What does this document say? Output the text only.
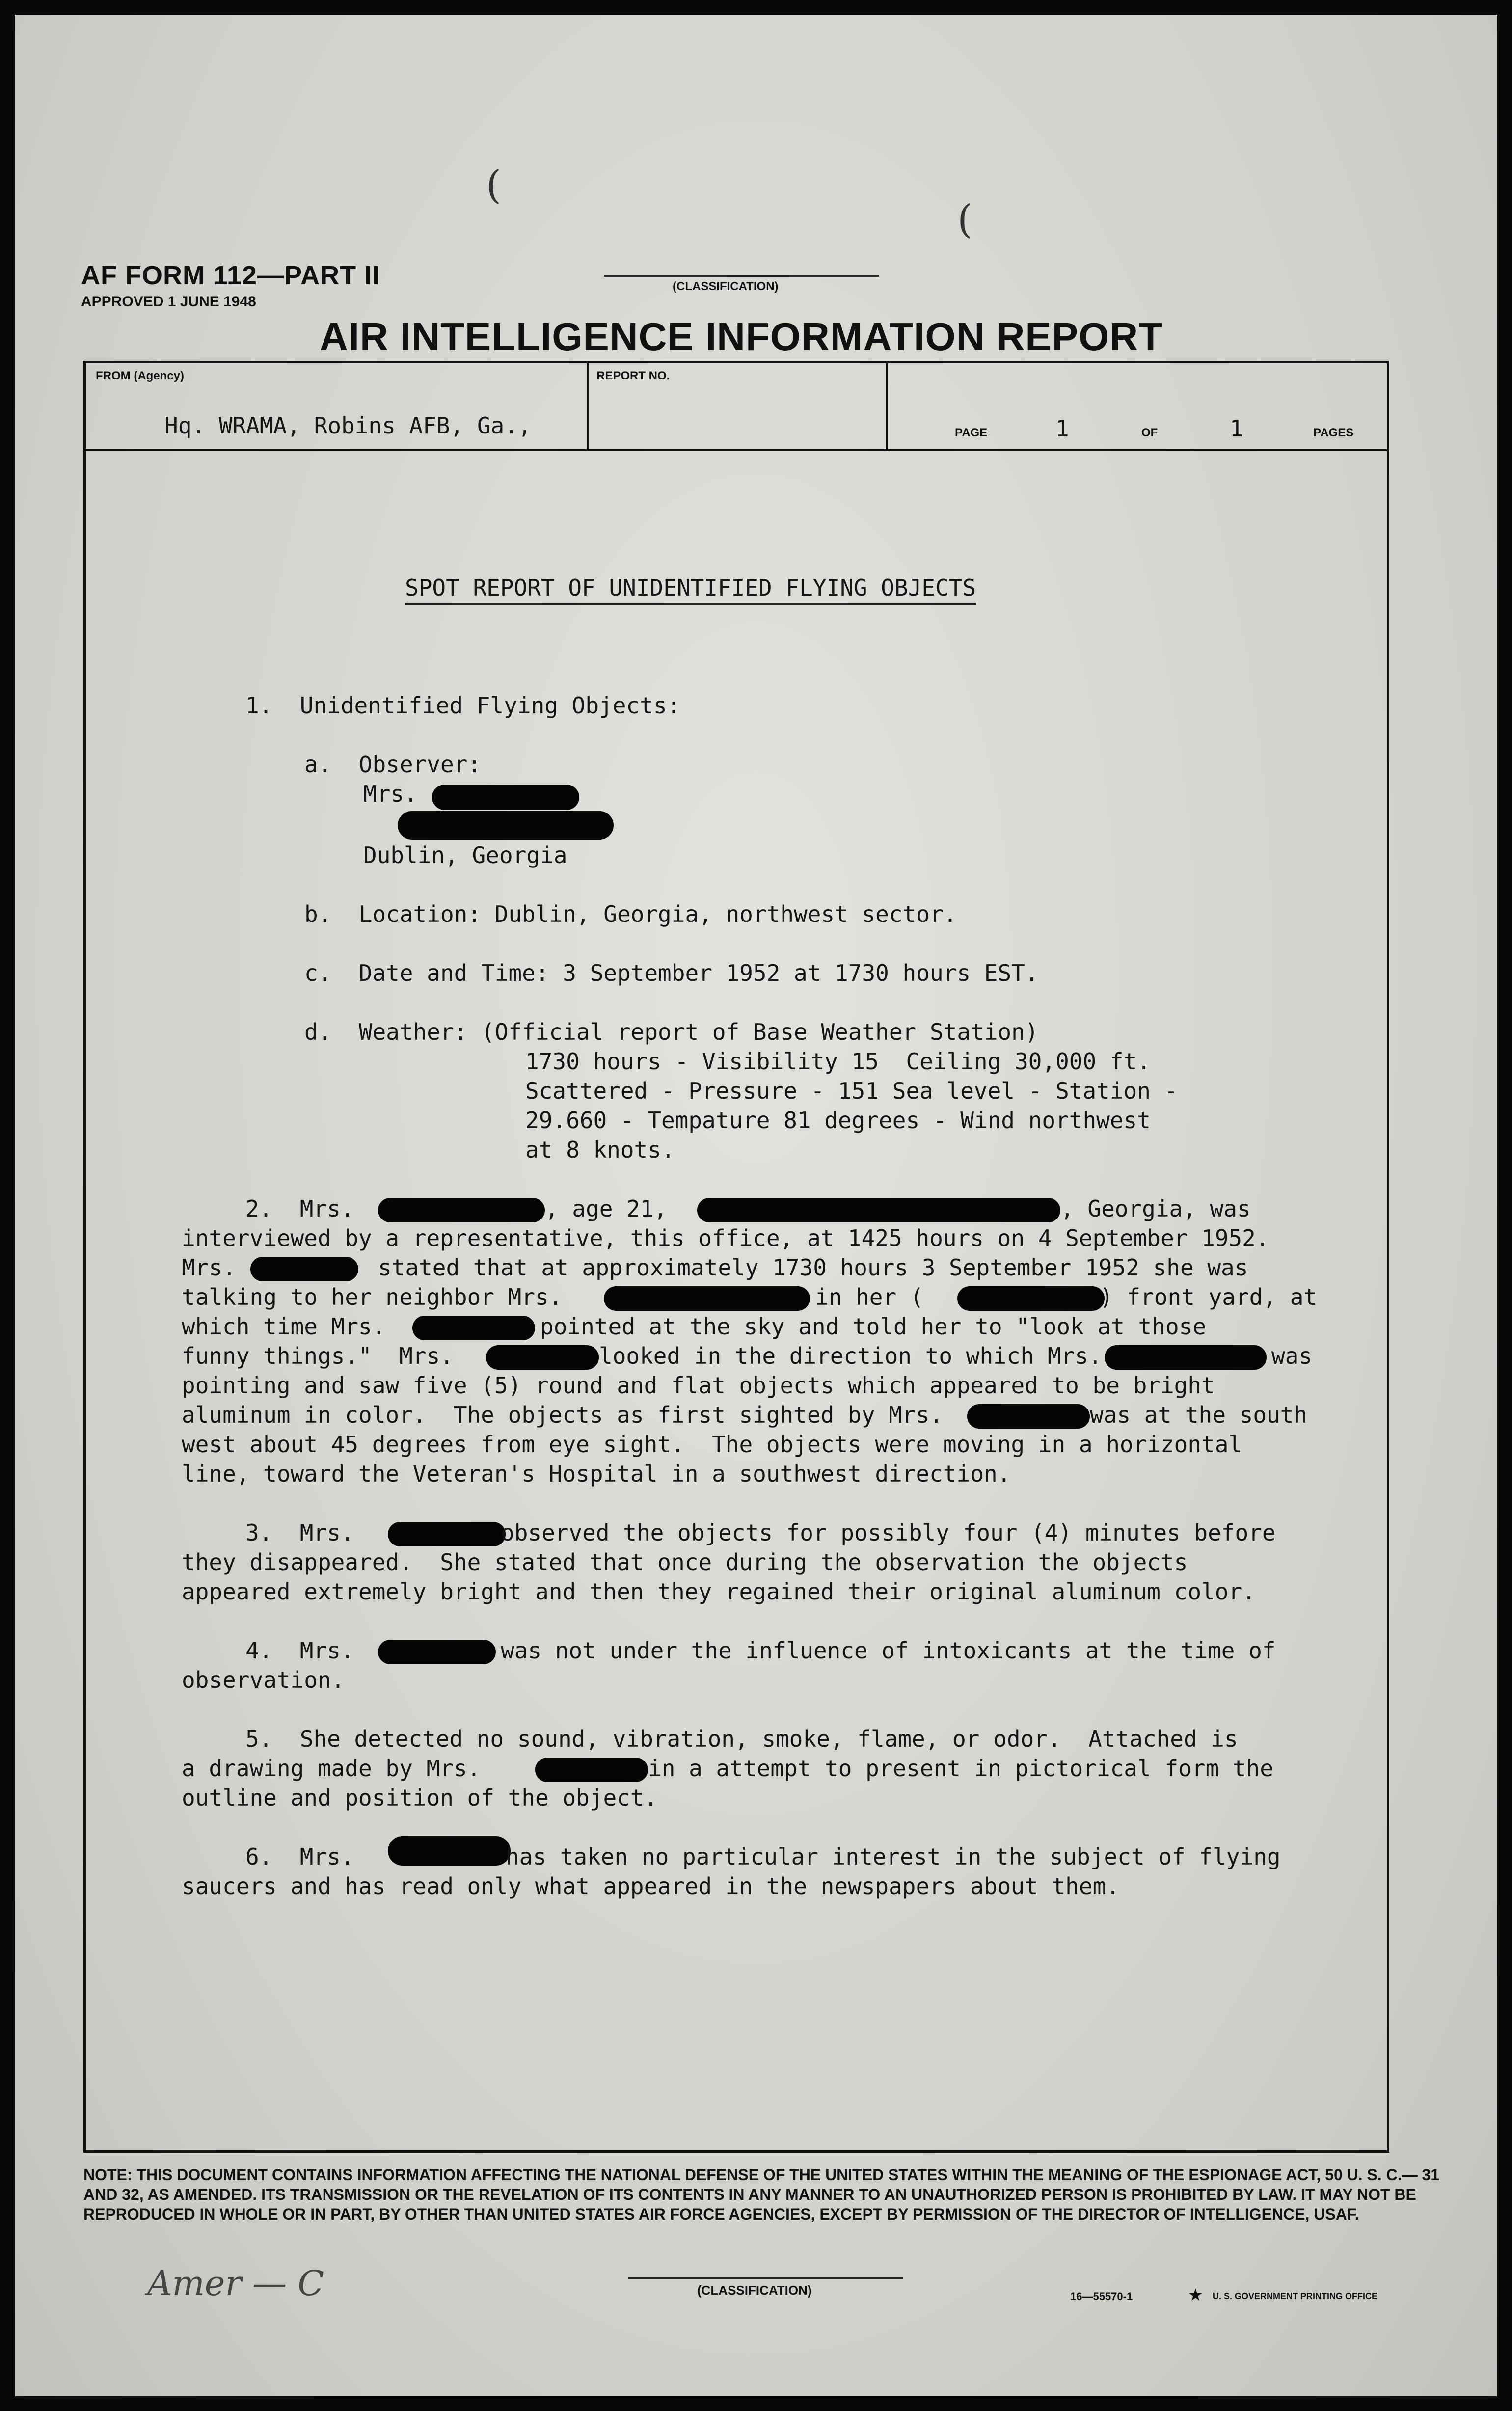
(
(
AF FORM 112—PART II
APPROVED 1 JUNE 1948
(CLASSIFICATION)
AIR INTELLIGENCE INFORMATION REPORT
FROM (Agency)	REPORT NO.
Hq. WRAMA, Robins AFB, Ga.,	PAGE	1	OF	1	PAGES
SPOT REPORT OF UNIDENTIFIED FLYING OBJECTS
1.  Unidentified Flying Objects:
a.  Observer:
Mrs.
Dublin, Georgia
b.  Location: Dublin, Georgia, northwest sector.
c.  Date and Time: 3 September 1952 at 1730 hours EST.
d.  Weather: (Official report of Base Weather Station)
1730 hours - Visibility 15  Ceiling 30,000 ft.
Scattered - Pressure - 151 Sea level - Station -
29.660 - Tempature 81 degrees - Wind northwest
at 8 knots.
2.  Mrs.	, age 21,	, Georgia, was
interviewed by a representative, this office, at 1425 hours on 4 September 1952.
Mrs.	stated that at approximately 1730 hours 3 September 1952 she was
talking to her neighbor Mrs.	in her (	) front yard, at
which time Mrs.	pointed at the sky and told her to "look at those
funny things."  Mrs.	looked in the direction to which Mrs.	was
pointing and saw five (5) round and flat objects which appeared to be bright
aluminum in color.  The objects as first sighted by Mrs.	was at the south
west about 45 degrees from eye sight.  The objects were moving in a horizontal
line, toward the Veteran's Hospital in a southwest direction.
3.  Mrs.	observed the objects for possibly four (4) minutes before
they disappeared.  She stated that once during the observation the objects
appeared extremely bright and then they regained their original aluminum color.
4.  Mrs.	was not under the influence of intoxicants at the time of
observation.
5.  She detected no sound, vibration, smoke, flame, or odor.  Attached is
a drawing made by Mrs.	in a attempt to present in pictorical form the
outline and position of the object.
6.  Mrs.	has taken no particular interest in the subject of flying
saucers and has read only what appeared in the newspapers about them.
NOTE: THIS DOCUMENT CONTAINS INFORMATION AFFECTING THE NATIONAL DEFENSE OF THE UNITED STATES WITHIN THE MEANING OF THE ESPIONAGE ACT, 50 U. S. C.— 31 AND 32, AS AMENDED. ITS TRANSMISSION OR THE REVELATION OF ITS CONTENTS IN ANY MANNER TO AN UNAUTHORIZED PERSON IS PROHIBITED BY LAW. IT MAY NOT BE REPRODUCED IN WHOLE OR IN PART, BY OTHER THAN UNITED STATES AIR FORCE AGENCIES, EXCEPT BY PERMISSION OF THE DIRECTOR OF INTELLIGENCE, USAF.
Amer — C	(CLASSIFICATION)	16—55570-1	★ U. S. GOVERNMENT PRINTING OFFICE
